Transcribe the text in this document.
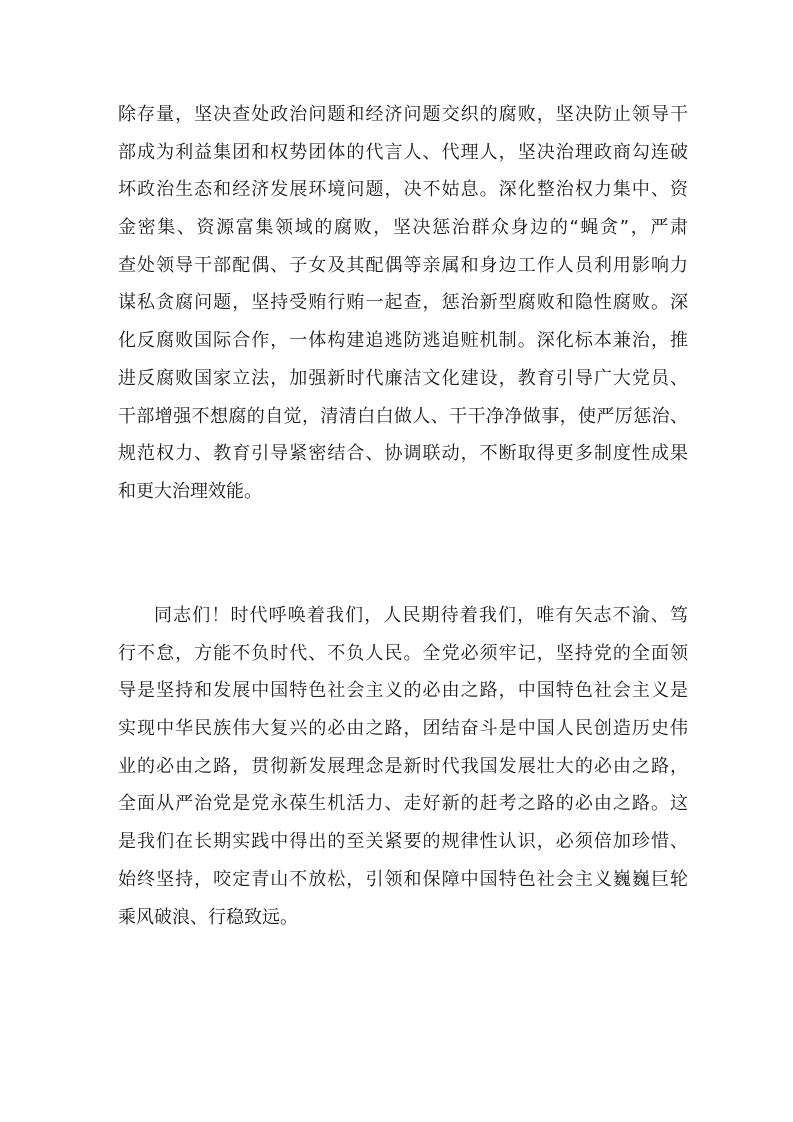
除存量，坚决查处政治问题和经济问题交织的腐败，坚决防止领导干
部成为利益集团和权势团体的代言人、代理人，坚决治理政商勾连破
坏政治生态和经济发展环境问题，决不姑息。深化整治权力集中、资
金密集、资源富集领域的腐败，坚决惩治群众身边的“蝇贪”，严肃
查处领导干部配偶、子女及其配偶等亲属和身边工作人员利用影响力
谋私贪腐问题，坚持受贿行贿一起查，惩治新型腐败和隐性腐败。深
化反腐败国际合作，一体构建追逃防逃追赃机制。深化标本兼治，推
进反腐败国家立法，加强新时代廉洁文化建设，教育引导广大党员、
干部增强不想腐的自觉，清清白白做人、干干净净做事，使严厉惩治、
规范权力、教育引导紧密结合、协调联动，不断取得更多制度性成果
和更大治理效能。
同志们！时代呼唤着我们，人民期待着我们，唯有矢志不渝、笃
行不怠，方能不负时代、不负人民。全党必须牢记，坚持党的全面领
导是坚持和发展中国特色社会主义的必由之路，中国特色社会主义是
实现中华民族伟大复兴的必由之路，团结奋斗是中国人民创造历史伟
业的必由之路，贯彻新发展理念是新时代我国发展壮大的必由之路，
全面从严治党是党永葆生机活力、走好新的赶考之路的必由之路。这
是我们在长期实践中得出的至关紧要的规律性认识，必须倍加珍惜、
始终坚持，咬定青山不放松，引领和保障中国特色社会主义巍巍巨轮
乘风破浪、行稳致远。
